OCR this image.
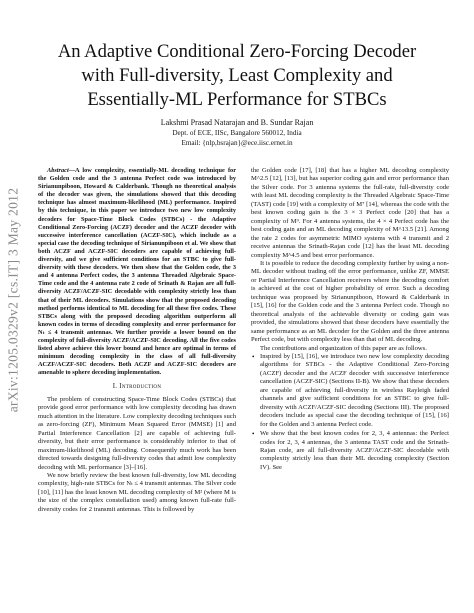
arXiv:1205.0329v2 [cs.IT] 3 May 2012
An Adaptive Conditional Zero-Forcing Decoder
with Full-diversity, Least Complexity and
Essentially-ML Performance for STBCs
Lakshmi Prasad Natarajan and B. Sundar Rajan
Dept. of ECE, IISc, Bangalore 560012, India
Email: {nlp,bsrajan}@ece.iisc.ernet.in

Abstract—A low complexity, essentially-ML decoding technique for the Golden code and the 3 antenna Perfect code was introduced by Sirianunpiboon, Howard & Calderbank. Though no theoretical analysis of the decoder was given, the simulations showed that this decoding technique has almost maximum-likelihood (ML) performance. Inspired by this technique, in this paper we introduce two new low complexity decoders for Space-Time Block Codes (STBCs) - the Adaptive Conditional Zero-Forcing (ACZF) decoder and the ACZF decoder with successive interference cancellation (ACZF-SIC), which include as a special case the decoding technique of Sirianunpiboon et al. We show that both ACZF and ACZF-SIC decoders are capable of achieving full-diversity, and we give sufficient conditions for an STBC to give full-diversity with these decoders. We then show that the Golden code, the 3 and 4 antenna Perfect codes, the 3 antenna Threaded Algebraic Space-Time code and the 4 antenna rate 2 code of Srinath & Rajan are all full- diversity ACZF/ACZF-SIC decodable with complexity strictly less than that of their ML decoders. Simulations show that the proposed decoding method performs identical to ML decoding for all these five codes. These STBCs along with the proposed decoding algorithm outperform all known codes in terms of decoding complexity and error performance for Nₜ ≤ 4 transmit antennas. We further provide a lower bound on the complexity of full-diversity ACZF/ACZF-SIC decoding. All the five codes listed above achieve this lower bound and hence are optimal in terms of minimum decoding complexity in the class of all full-diversity ACZF/ACZF-SIC decoders. Both ACZF and ACZF-SIC decoders are amenable to sphere decoding implementation.

I. Introduction

The problem of constructing Space-Time Block Codes (STBCs) that provide good error performance with low complexity decoding has drawn much attention in the literature. Low complexity decoding techniques such as zero-forcing (ZF), Minimum Mean Squared Error (MMSE) [1] and Partial Interference Cancellation [2] are capable of achieving full-diversity, but their error performance is considerably inferior to that of maximum-likelihood (ML) decoding. Consequently much work has been directed towards designing full-diversity codes that admit low complexity decoding with ML performance [3]–[16].

We now briefly review the best known full-diversity, low ML decoding complexity, high-rate STBCs for Nₜ ≤ 4 transmit antennas. The Silver code [10], [11] has the least known ML decoding complexity of M² (where M is the size of the complex constellation used) among known full-rate full-diversity codes for 2 transmit antennas. This is followed by

the Golden code [17], [18] that has a higher ML decoding complexity M^2.5 [12], [13], but has superior coding gain and error performance than the Silver code. For 3 antenna systems the full-rate, full-diversity code with least ML decoding complexity is the Threaded Algebraic Space-Time (TAST) code [19] with a complexity of M⁷ [14], whereas the code with the best known coding gain is the 3 × 3 Perfect code [20] that has a complexity of M⁹. For 4 antenna systems, the 4 × 4 Perfect code has the best coding gain and an ML decoding complexity of M^13.5 [21]. Among the rate 2 codes for asymmetric MIMO systems with 4 transmit and 2 receive antennas the Srinath-Rajan code [12] has the least ML decoding complexity M^4.5 and best error performance.

It is possible to reduce the decoding complexity further by using a non-ML decoder without trading off the error performance, unlike ZF, MMSE or Partial Interference Cancellation receivers where the decoding comfort is achieved at the cost of higher probability of error. Such a decoding technique was proposed by Sirianunpiboon, Howard & Calderbank in [15], [16] for the Golden code and the 3 antenna Perfect code. Though no theoretical analysis of the achievable diversity or coding gain was provided, the simulations showed that these decoders have essentially the same performance as an ML decoder for the Golden and the three antenna Perfect code, but with complexity less than that of ML decoding.

The contributions and organization of this paper are as follows.

• Inspired by [15], [16], we introduce two new low complexity decoding algorithms for STBCs - the Adaptive Conditional Zero-Forcing (ACZF) decoder and the ACZF decoder with successive interference cancellation (ACZF-SIC) (Sections II-B). We show that these decoders are capable of achieving full-diversity in wireless Rayleigh faded channels and give sufficient conditions for an STBC to give full-diversity with ACZF/ACZF-SIC decoding (Sections III). The proposed decoders include as special case the decoding technique of [15], [16] for the Golden and 3 antenna Perfect code.
• We show that the best known codes for 2, 3, 4 antennas: the Perfect codes for 2, 3, 4 antennas, the 3 antenna TAST code and the Srinath-Rajan code, are all full-diversity ACZF/ACZF-SIC decodable with complexity strictly less than their ML decoding complexity (Section IV). See
